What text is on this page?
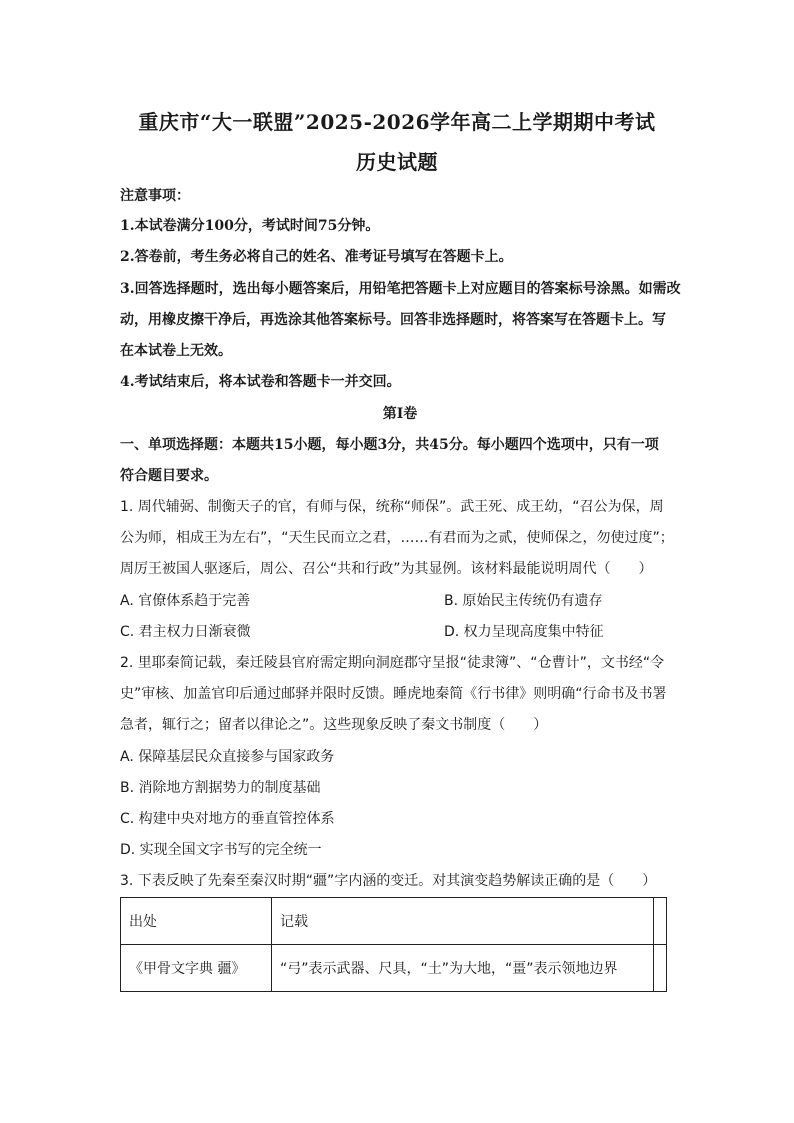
重庆市“大一联盟”2025-2026学年高二上学期期中考试
历史试题
注意事项：
1.本试卷满分100分，考试时间75分钟。
2.答卷前，考生务必将自己的姓名、准考证号填写在答题卡上。
3.回答选择题时，选出每小题答案后，用铅笔把答题卡上对应题目的答案标号涂黑。如需改
动，用橡皮擦干净后，再选涂其他答案标号。回答非选择题时，将答案写在答题卡上。写
在本试卷上无效。
4.考试结束后，将本试卷和答题卡一并交回。
第Ⅰ卷
一、单项选择题：本题共15小题，每小题3分，共45分。每小题四个选项中，只有一项
符合题目要求。
1. 周代辅弼、制衡天子的官，有师与保，统称“师保”。武王死、成王幼，“召公为保，周
公为师，相成王为左右”，“天生民而立之君，……有君而为之贰，使师保之，勿使过度”；
周厉王被国人驱逐后，周公、召公“共和行政”为其显例。该材料最能说明周代（　　）
A. 官僚体系趋于完善	B. 原始民主传统仍有遗存
C. 君主权力日渐衰微	D. 权力呈现高度集中特征
2. 里耶秦简记载，秦迁陵县官府需定期向洞庭郡守呈报“徒隶簿”、“仓曹计”，文书经“令
史”审核、加盖官印后通过邮驿并限时反馈。睡虎地秦简《行书律》则明确“行命书及书署
急者，辄行之；留者以律论之”。这些现象反映了秦文书制度（　　）
A. 保障基层民众直接参与国家政务
B. 消除地方割据势力的制度基础
C. 构建中央对地方的垂直管控体系
D. 实现全国文字书写的完全统一
3. 下表反映了先秦至秦汉时期“疆”字内涵的变迁。对其演变趋势解读正确的是（　　）
出处	记载	
《甲骨文字典 疆》	“弓”表示武器、尺具，“土”为大地，“畺”表示领地边界	
